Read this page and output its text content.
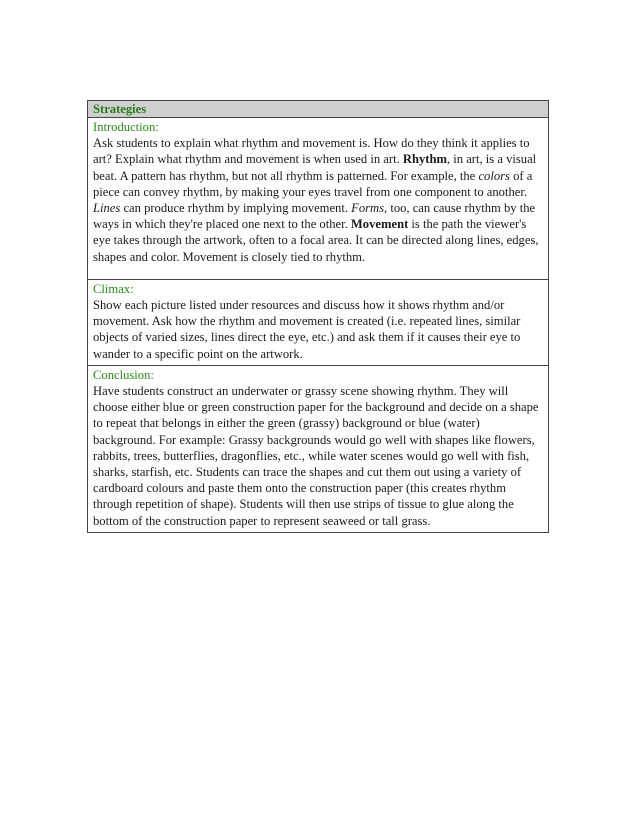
Strategies
Introduction:
Ask students to explain what rhythm and movement is. How do they think it applies to art? Explain what rhythm and movement is when used in art. Rhythm, in art, is a visual beat. A pattern has rhythm, but not all rhythm is patterned. For example, the colors of a piece can convey rhythm, by making your eyes travel from one component to another. Lines can produce rhythm by implying movement. Forms, too, can cause rhythm by the ways in which they're placed one next to the other. Movement is the path the viewer's eye takes through the artwork, often to a focal area. It can be directed along lines, edges, shapes and color. Movement is closely tied to rhythm.
Climax:
Show each picture listed under resources and discuss how it shows rhythm and/or movement. Ask how the rhythm and movement is created (i.e. repeated lines, similar objects of varied sizes, lines direct the eye, etc.) and ask them if it causes their eye to wander to a specific point on the artwork.
Conclusion:
Have students construct an underwater or grassy scene showing rhythm. They will choose either blue or green construction paper for the background and decide on a shape to repeat that belongs in either the green (grassy) background or blue (water) background. For example: Grassy backgrounds would go well with shapes like flowers, rabbits, trees, butterflies, dragonflies, etc., while water scenes would go well with fish, sharks, starfish, etc. Students can trace the shapes and cut them out using a variety of cardboard colours and paste them onto the construction paper (this creates rhythm through repetition of shape). Students will then use strips of tissue to glue along the bottom of the construction paper to represent seaweed or tall grass.
